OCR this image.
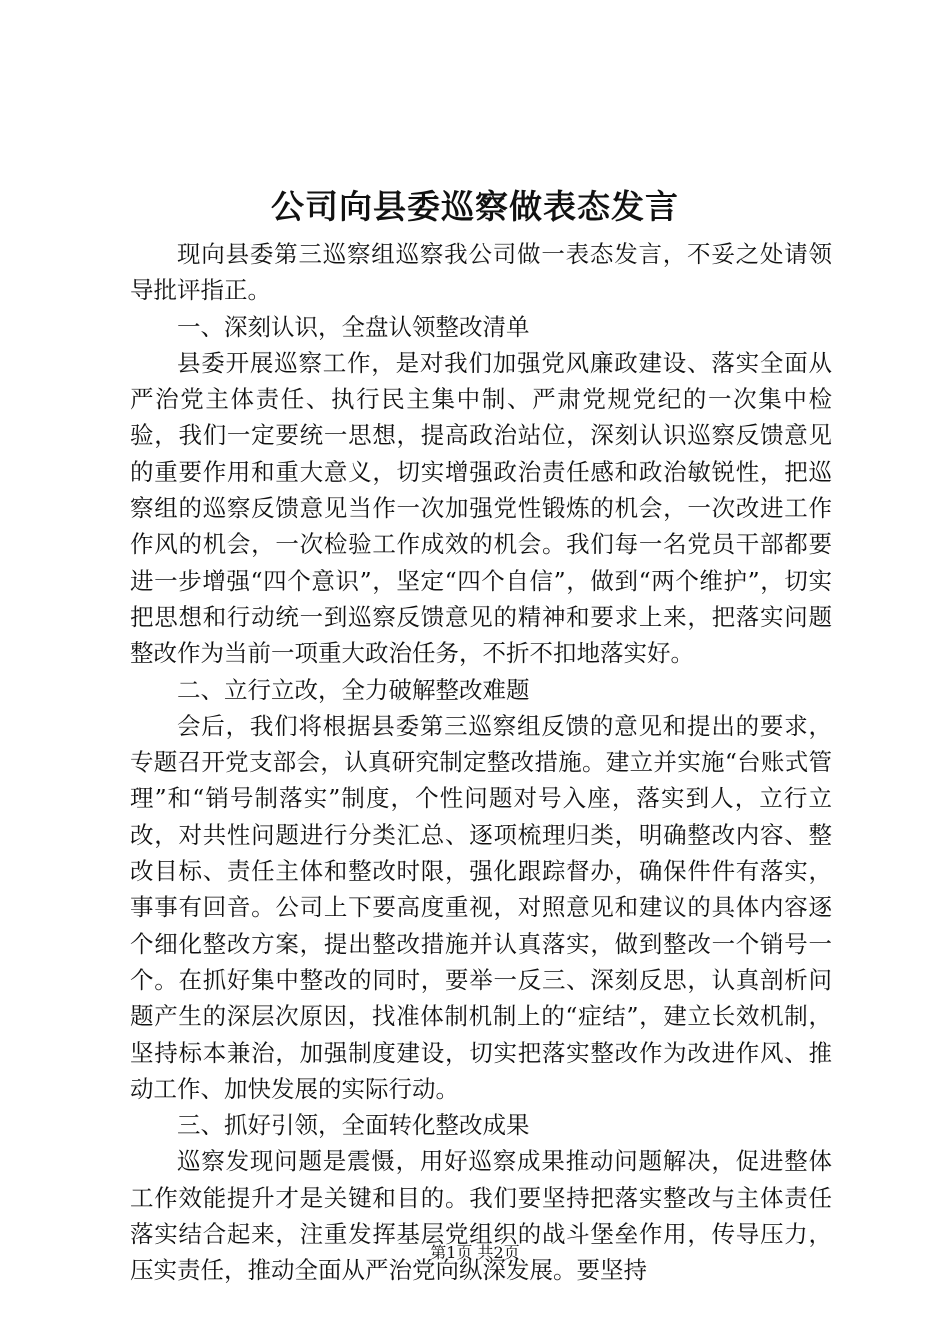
公司向县委巡察做表态发言

现向县委第三巡察组巡察我公司做一表态发言，不妥之处请领导批评指正。

一、深刻认识，全盘认领整改清单

县委开展巡察工作，是对我们加强党风廉政建设、落实全面从严治党主体责任、执行民主集中制、严肃党规党纪的一次集中检验，我们一定要统一思想，提高政治站位，深刻认识巡察反馈意见的重要作用和重大意义，切实增强政治责任感和政治敏锐性，把巡察组的巡察反馈意见当作一次加强党性锻炼的机会，一次改进工作作风的机会，一次检验工作成效的机会。我们每一名党员干部都要进一步增强“四个意识”，坚定“四个自信”，做到“两个维护”，切实把思想和行动统一到巡察反馈意见的精神和要求上来，把落实问题整改作为当前一项重大政治任务，不折不扣地落实好。

二、立行立改，全力破解整改难题

会后，我们将根据县委第三巡察组反馈的意见和提出的要求，专题召开党支部会，认真研究制定整改措施。建立并实施“台账式管理”和“销号制落实”制度，个性问题对号入座，落实到人，立行立改，对共性问题进行分类汇总、逐项梳理归类，明确整改内容、整改目标、责任主体和整改时限，强化跟踪督办，确保件件有落实，事事有回音。公司上下要高度重视，对照意见和建议的具体内容逐个细化整改方案，提出整改措施并认真落实，做到整改一个销号一个。在抓好集中整改的同时，要举一反三、深刻反思，认真剖析问题产生的深层次原因，找准体制机制上的“症结”，建立长效机制，坚持标本兼治，加强制度建设，切实把落实整改作为改进作风、推动工作、加快发展的实际行动。

三、抓好引领，全面转化整改成果

巡察发现问题是震慑，用好巡察成果推动问题解决，促进整体工作效能提升才是关键和目的。我们要坚持把落实整改与主体责任落实结合起来，注重发挥基层党组织的战斗堡垒作用，传导压力，压实责任，推动全面从严治党向纵深发展。要坚持

第1页 共2页
